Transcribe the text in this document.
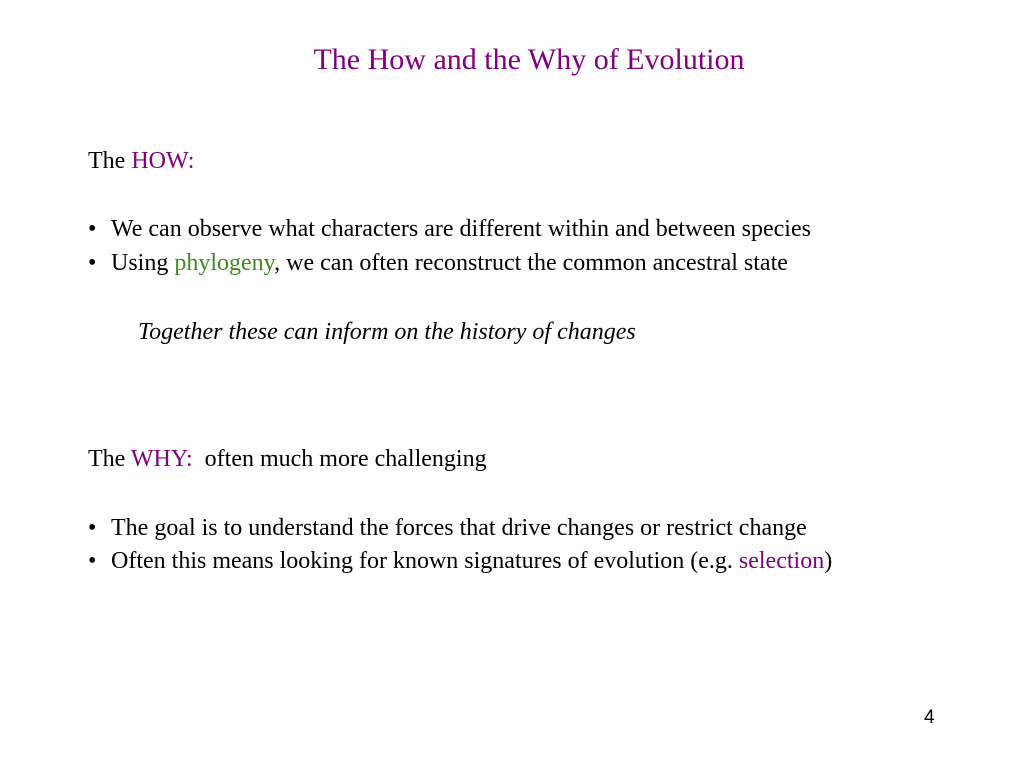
The How and the Why of Evolution
The HOW:
• We can observe what characters are different within and between species
• Using phylogeny, we can often reconstruct the common ancestral state
Together these can inform on the history of changes
The WHY:  often much more challenging
• The goal is to understand the forces that drive changes or restrict change
• Often this means looking for known signatures of evolution (e.g. selection)
4
